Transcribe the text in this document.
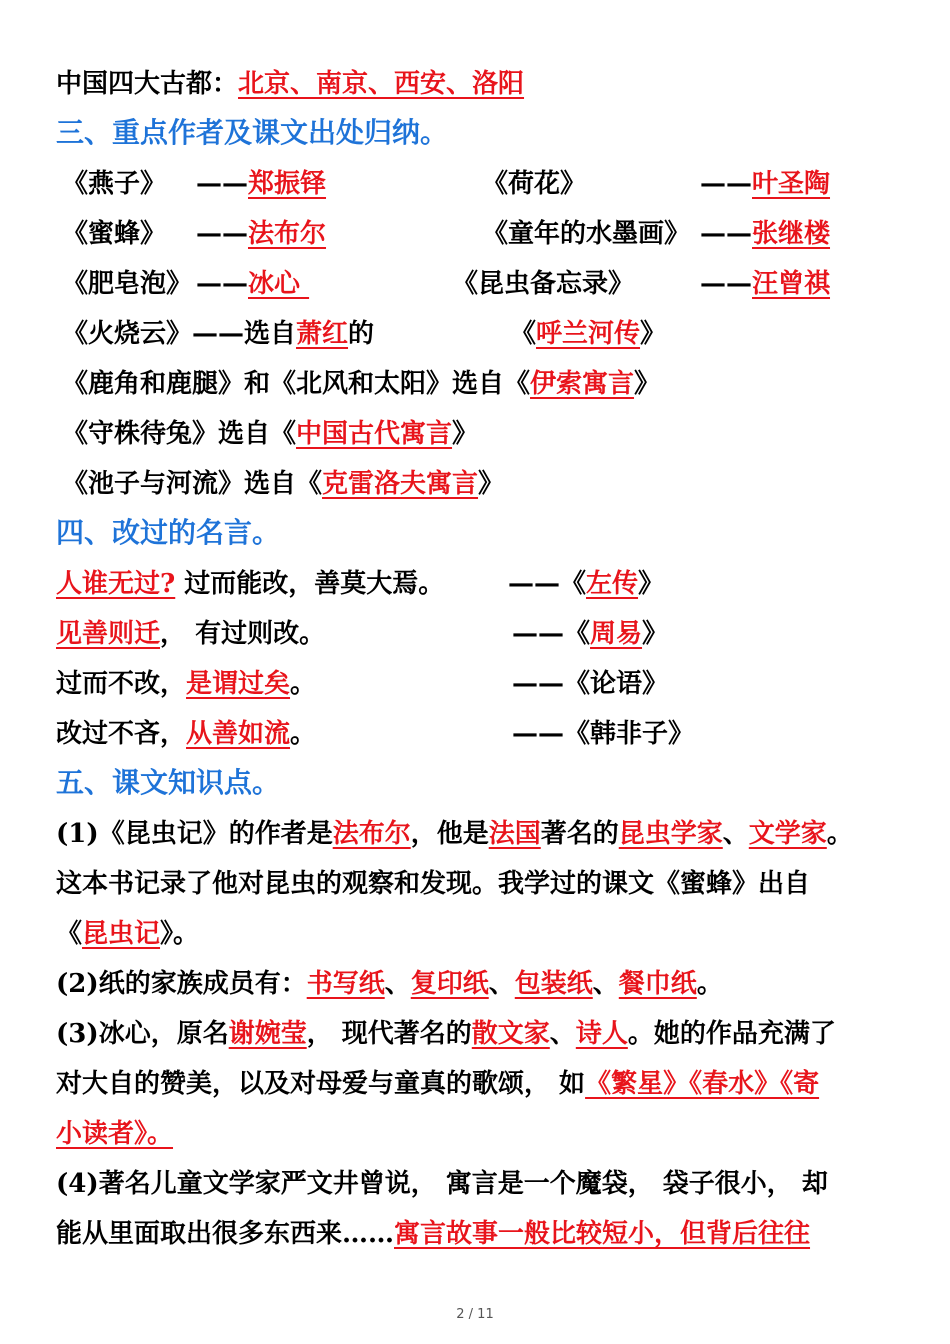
中国四大古都：北京、南京、西安、洛阳
三、重点作者及课文出处归纳。
《燕子》 ——郑振铎	《荷花》	——叶圣陶
《蜜蜂》 ——法布尔	《童年的水墨画》 ——张继楼
《肥皂泡》 ——冰心	《昆虫备忘录》	——汪曾祺
《火烧云》——选自萧红的	《呼兰河传》
《鹿角和鹿腿》和《北风和太阳》选自《伊索寓言》
《守株待兔》选自《中国古代寓言》
《池子与河流》选自《克雷洛夫寓言》
四、改过的名言。
人谁无过? 过而能改，善莫大焉。 ——《左传》
见善则迁， 有过则改。	——《周易》
过而不改，是谓过矣。	——《论语》
改过不吝，从善如流。	——《韩非子》
五、课文知识点。
(1)《昆虫记》的作者是法布尔，他是法国著名的昆虫学家、文学家。
这本书记录了他对昆虫的观察和发现。我学过的课文《蜜蜂》出自
《昆虫记》。
(2)纸的家族成员有：书写纸、复印纸、包装纸、餐巾纸。
(3)冰心，原名谢婉莹， 现代著名的散文家、诗人。她的作品充满了
对大自的赞美，以及对母爱与童真的歌颂， 如《繁星》《春水》《寄
小读者》。
(4)著名儿童文学家严文井曾说， 寓言是一个魔袋， 袋子很小， 却
能从里面取出很多东西来……寓言故事一般比较短小，但背后往往
2 / 11
